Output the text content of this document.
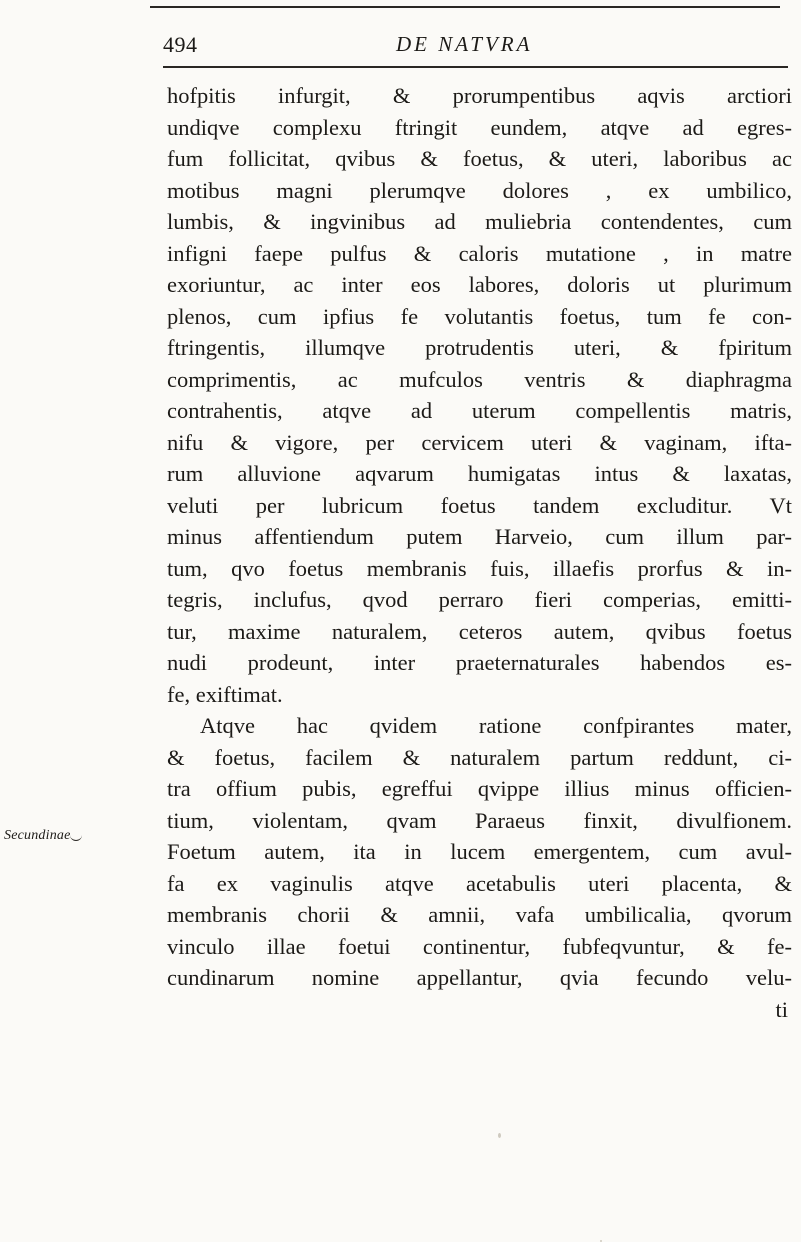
494	DE NATVRA
Secundinae
hofpitis infurgit, & prorumpentibus aqvis arctiori
undiqve complexu ftringit eundem, atqve ad egres-
fum follicitat, qvibus & foetus, & uteri, laboribus ac
motibus magni plerumqve dolores , ex umbilico,
lumbis, & ingvinibus ad muliebria contendentes, cum
infigni faepe pulfus & caloris mutatione , in matre
exoriuntur, ac inter eos labores, doloris ut plurimum
plenos, cum ipfius fe volutantis foetus, tum fe con-
ftringentis, illumqve protrudentis uteri, & fpiritum
comprimentis, ac mufculos ventris & diaphragma
contrahentis, atqve ad uterum compellentis matris,
nifu & vigore, per cervicem uteri & vaginam, ifta-
rum alluvione aqvarum humigatas intus & laxatas,
veluti per lubricum foetus tandem excluditur. Vt
minus affentiendum putem Harveio, cum illum par-
tum, qvo foetus membranis fuis, illaefis prorfus & in-
tegris, inclufus, qvod perraro fieri comperias, emitti-
tur, maxime naturalem, ceteros autem, qvibus foetus
nudi prodeunt, inter praeternaturales habendos es-
fe, exiftimat.
Atqve hac qvidem ratione confpirantes mater,
& foetus, facilem & naturalem partum reddunt, ci-
tra offium pubis, egreffui qvippe illius minus officien-
tium, violentam, qvam Paraeus finxit, divulfionem.
Foetum autem, ita in lucem emergentem, cum avul-
fa ex vaginulis atqve acetabulis uteri placenta, &
membranis chorii & amnii, vafa umbilicalia, qvorum
vinculo illae foetui continentur, fubfeqvuntur, & fe-
cundinarum nomine appellantur, qvia fecundo velu-
ti
